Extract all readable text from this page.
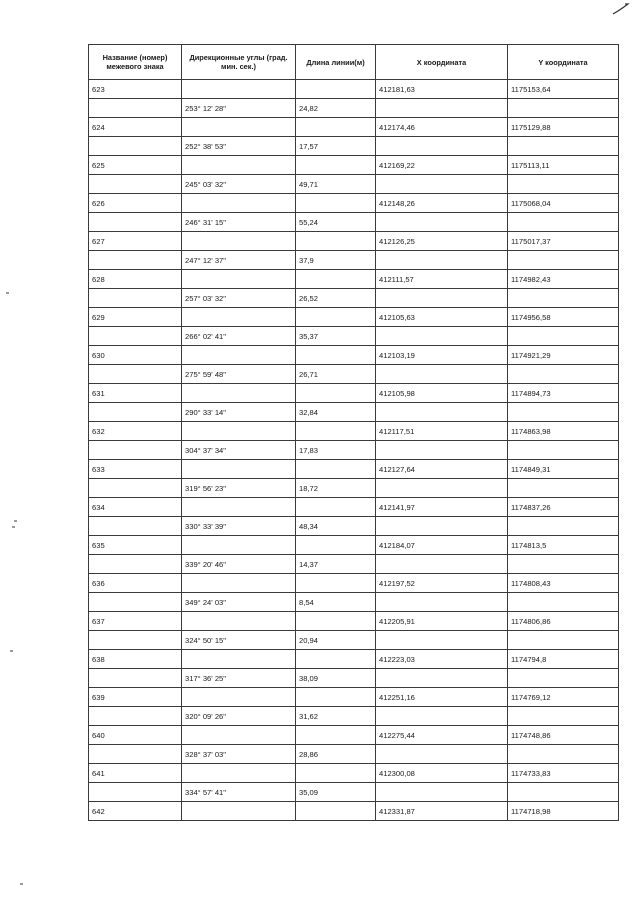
Название (номер) межевого знака	Дирекционные углы (град. мин. сек.)	Длина линии(м)	X координата	Y координата
623			412181,63	1175153,64
	253° 12' 28"	24,82		
624			412174,46	1175129,88
	252° 38' 53"	17,57		
625			412169,22	1175113,11
	245° 03' 32"	49,71		
626			412148,26	1175068,04
	246° 31' 15"	55,24		
627			412126,25	1175017,37
	247° 12' 37"	37,9		
628			412111,57	1174982,43
	257° 03' 32"	26,52		
629			412105,63	1174956,58
	266° 02' 41"	35,37		
630			412103,19	1174921,29
	275° 59' 48"	26,71		
631			412105,98	1174894,73
	290° 33' 14"	32,84		
632			412117,51	1174863,98
	304° 37' 34"	17,83		
633			412127,64	1174849,31
	319° 56' 23"	18,72		
634			412141,97	1174837,26
	330° 33' 39"	48,34		
635			412184,07	1174813,5
	339° 20' 46"	14,37		
636			412197,52	1174808,43
	349° 24' 03"	8,54		
637			412205,91	1174806,86
	324° 50' 15"	20,94		
638			412223,03	1174794,8
	317° 36' 25"	38,09		
639			412251,16	1174769,12
	320° 09' 26"	31,62		
640			412275,44	1174748,86
	328° 37' 03"	28,86		
641			412300,08	1174733,83
	334° 57' 41"	35,09		
642			412331,87	1174718,98
